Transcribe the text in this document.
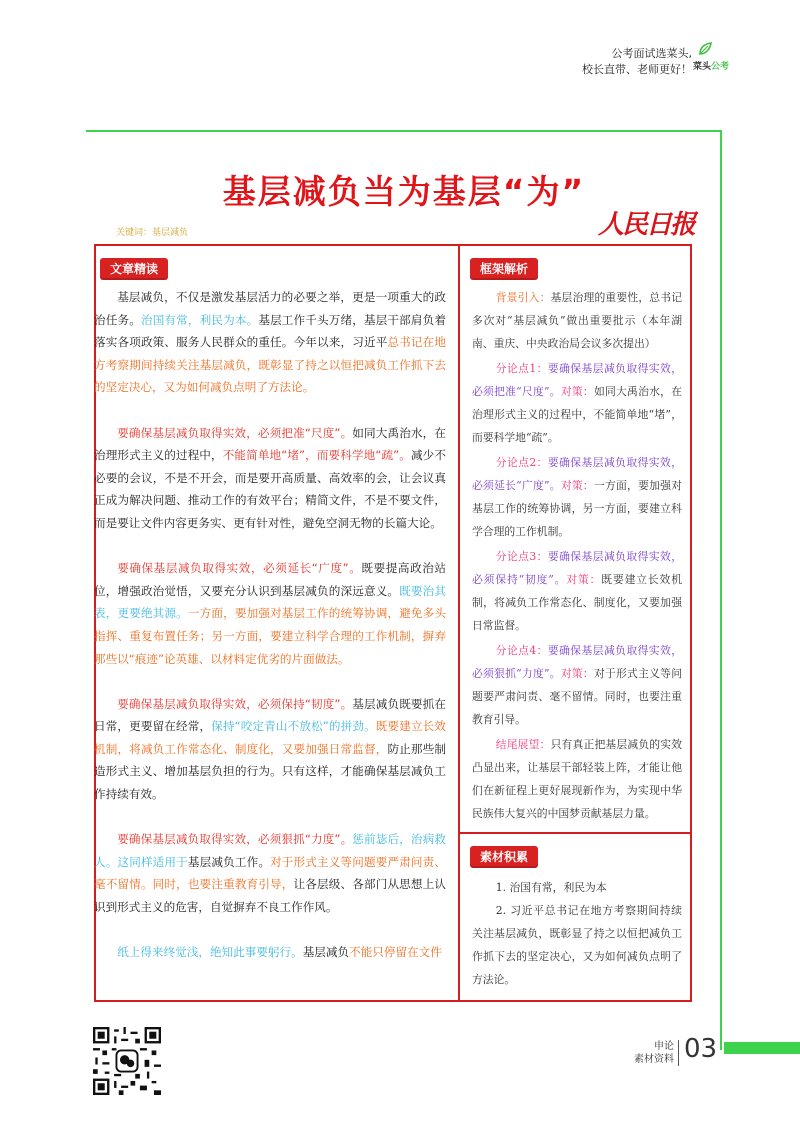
公考面试选菜头,
校长直带、老师更好！ 菜头公考
基层减负当为基层“为”
关键词：基层减负	人民日报
文章精读	框架解析
素材积累

基层减负，不仅是激发基层活力的必要之举，更是一项重大的政治任务。治国有常，利民为本。基层工作千头万绪，基层干部肩负着落实各项政策、服务人民群众的重任。今年以来，习近平总书记在地方考察期间持续关注基层减负，既彰显了持之以恒把减负工作抓下去的坚定决心，又为如何减负点明了方法论。

要确保基层减负取得实效，必须把准“尺度”。如同大禹治水，在治理形式主义的过程中，不能简单地“堵”，而要科学地“疏”。减少不必要的会议，不是不开会，而是要开高质量、高效率的会，让会议真正成为解决问题、推动工作的有效平台；精简文件，不是不要文件，而是要让文件内容更务实、更有针对性，避免空洞无物的长篇大论。

要确保基层减负取得实效，必须延长“广度”。既要提高政治站位，增强政治觉悟，又要充分认识到基层减负的深远意义。既要治其表，更要绝其源。一方面，要加强对基层工作的统筹协调，避免多头指挥、重复布置任务；另一方面，要建立科学合理的工作机制，摒弃那些以“痕迹”论英雄、以材料定优劣的片面做法。

要确保基层减负取得实效，必须保持“韧度”。基层减负既要抓在日常，更要留在经常，保持“咬定青山不放松”的拼劲。既要建立长效机制，将减负工作常态化、制度化，又要加强日常监督，防止那些制造形式主义、增加基层负担的行为。只有这样，才能确保基层减负工作持续有效。

要确保基层减负取得实效，必须狠抓“力度”。惩前毖后，治病救人。这同样适用于基层减负工作。对于形式主义等问题要严肃问责、毫不留情。同时，也要注重教育引导，让各层级、各部门从思想上认识到形式主义的危害，自觉摒弃不良工作作风。

纸上得来终觉浅，绝知此事要躬行。基层减负不能只停留在文件

背景引入：基层治理的重要性，总书记多次对“基层减负”做出重要批示（本年湖南、重庆、中央政治局会议多次提出）

分论点1：要确保基层减负取得实效，必须把准“尺度”。对策：如同大禹治水，在治理形式主义的过程中，不能简单地“堵”，而要科学地“疏”。

分论点2：要确保基层减负取得实效，必须延长“广度”。对策：一方面，要加强对基层工作的统筹协调，另一方面，要建立科学合理的工作机制。

分论点3：要确保基层减负取得实效，必须保持“韧度”。对策：既要建立长效机制，将减负工作常态化、制度化，又要加强日常监督。

分论点4：要确保基层减负取得实效，必须狠抓“力度”。对策：对于形式主义等问题要严肃问责、毫不留情。同时，也要注重教育引导。

结尾展望：只有真正把基层减负的实效凸显出来，让基层干部轻装上阵，才能让他们在新征程上更好展现新作为，为实现中华民族伟大复兴的中国梦贡献基层力量。

1. 治国有常，利民为本

2. 习近平总书记在地方考察期间持续关注基层减负，既彰显了持之以恒把减负工作抓下去的坚定决心，又为如何减负点明了方法论。

申论
素材资料 03
